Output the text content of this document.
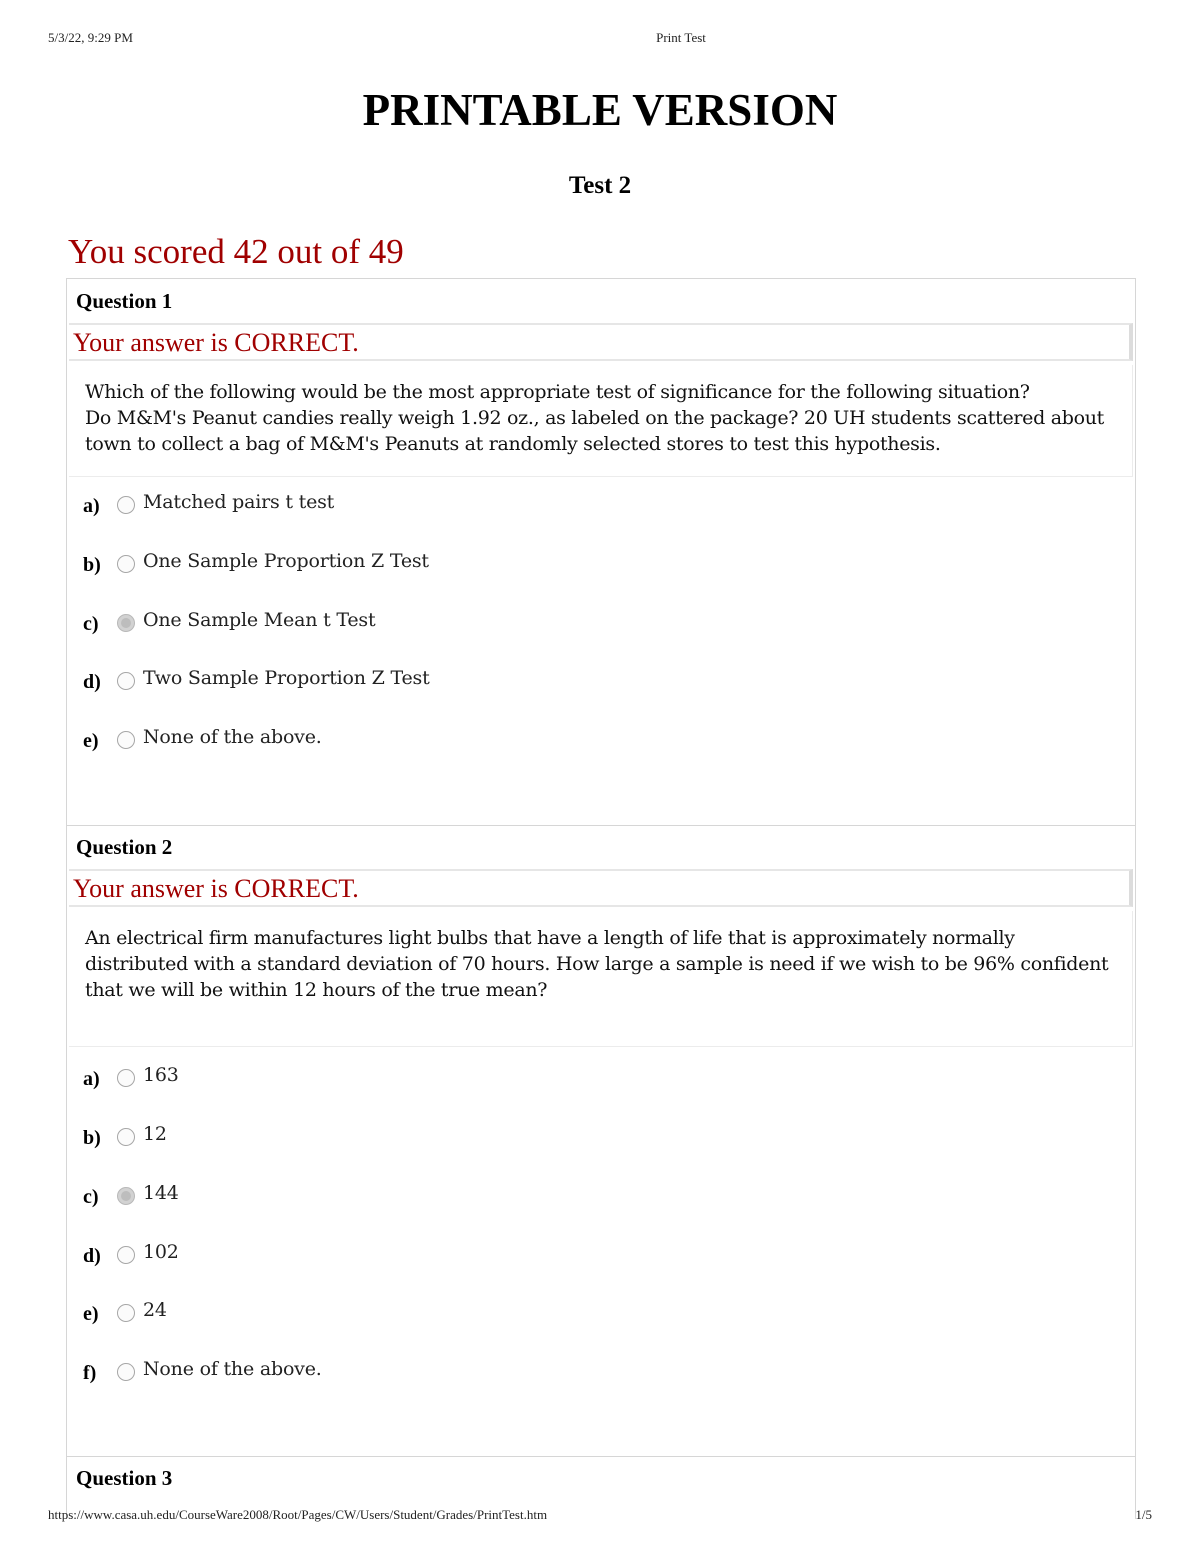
5/3/22, 9:29 PM	Print Test
PRINTABLE VERSION
Test 2
You scored 42 out of 49
Question 1
Your answer is CORRECT.
Which of the following would be the most appropriate test of significance for the following situation?
Do M&M's Peanut candies really weigh 1.92 oz., as labeled on the package? 20 UH students scattered about
town to collect a bag of M&M's Peanuts at randomly selected stores to test this hypothesis.
a) Matched pairs t test
b) One Sample Proportion Z Test
c) One Sample Mean t Test
d) Two Sample Proportion Z Test
e) None of the above.
Question 2
Your answer is CORRECT.
An electrical firm manufactures light bulbs that have a length of life that is approximately normally
distributed with a standard deviation of 70 hours. How large a sample is need if we wish to be 96% confident
that we will be within 12 hours of the true mean?
a) 163
b) 12
c) 144
d) 102
e) 24
f) None of the above.
Question 3
https://www.casa.uh.edu/CourseWare2008/Root/Pages/CW/Users/Student/Grades/PrintTest.htm	1/5
